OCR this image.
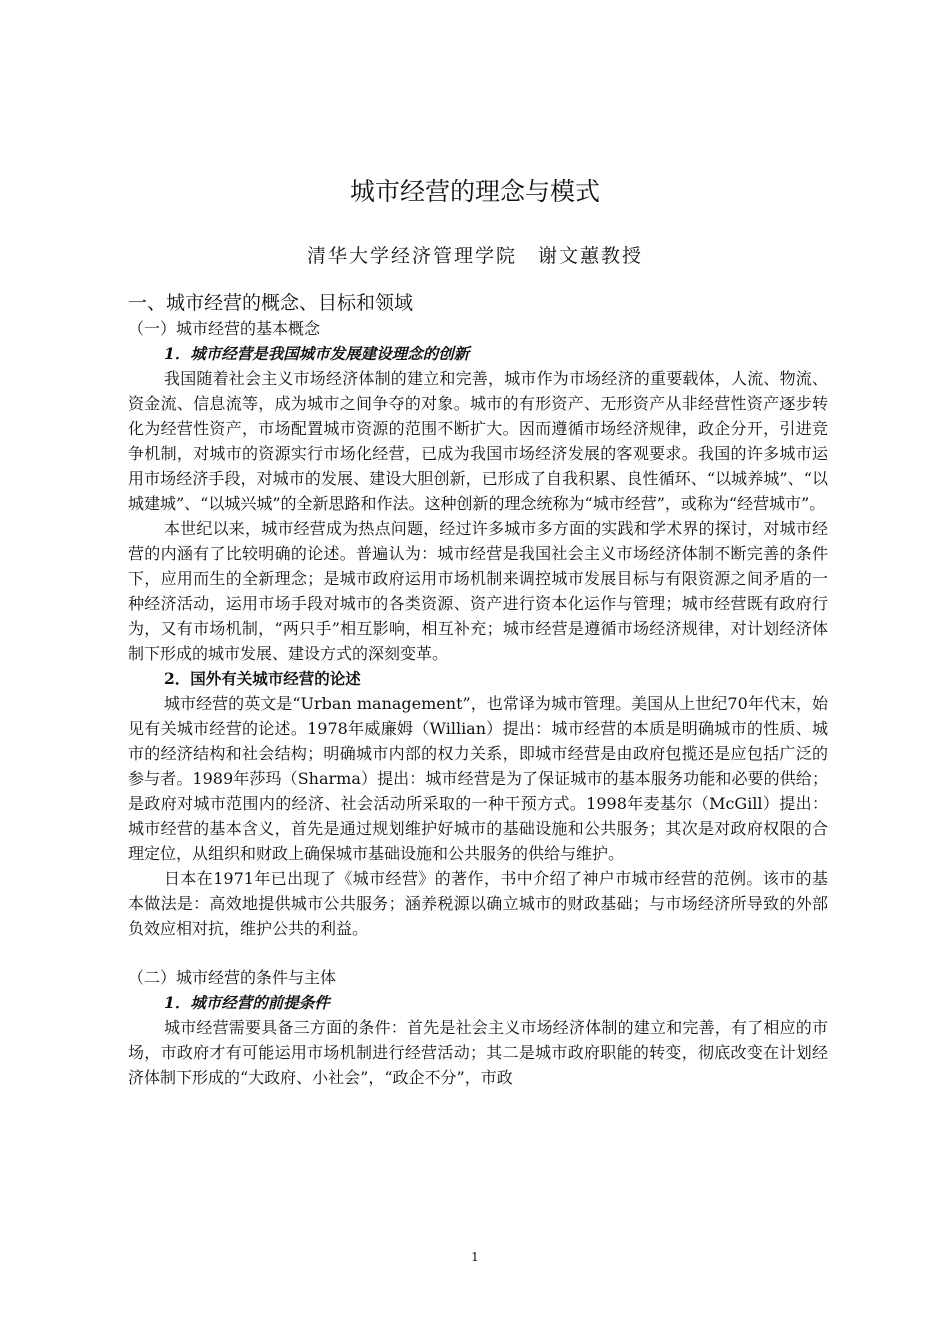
城市经营的理念与模式

清华大学经济管理学院　谢文蕙教授

一、城市经营的概念、目标和领域
（一）城市经营的基本概念
1．城市经营是我国城市发展建设理念的创新

我国随着社会主义市场经济体制的建立和完善，城市作为市场经济的重要载体，人流、物流、资金流、信息流等，成为城市之间争夺的对象。城市的有形资产、无形资产从非经营性资产逐步转化为经营性资产，市场配置城市资源的范围不断扩大。因而遵循市场经济规律，政企分开，引进竞争机制，对城市的资源实行市场化经营，已成为我国市场经济发展的客观要求。我国的许多城市运用市场经济手段，对城市的发展、建设大胆创新，已形成了自我积累、良性循环、“以城养城”、“以城建城”、“以城兴城”的全新思路和作法。这种创新的理念统称为“城市经营”，或称为“经营城市”。

本世纪以来，城市经营成为热点问题，经过许多城市多方面的实践和学术界的探讨，对城市经营的内涵有了比较明确的论述。普遍认为：城市经营是我国社会主义市场经济体制不断完善的条件下，应用而生的全新理念；是城市政府运用市场机制来调控城市发展目标与有限资源之间矛盾的一种经济活动，运用市场手段对城市的各类资源、资产进行资本化运作与管理；城市经营既有政府行为，又有市场机制，“两只手”相互影响，相互补充；城市经营是遵循市场经济规律，对计划经济体制下形成的城市发展、建设方式的深刻变革。

2．国外有关城市经营的论述

城市经营的英文是“Urban management”，也常译为城市管理。美国从上世纪70年代末，始见有关城市经营的论述。1978年威廉姆（Willian）提出：城市经营的本质是明确城市的性质、城市的经济结构和社会结构；明确城市内部的权力关系，即城市经营是由政府包揽还是应包括广泛的参与者。1989年莎玛（Sharma）提出：城市经营是为了保证城市的基本服务功能和必要的供给；是政府对城市范围内的经济、社会活动所采取的一种干预方式。1998年麦基尔（McGill）提出：城市经营的基本含义，首先是通过规划维护好城市的基础设施和公共服务；其次是对政府权限的合理定位，从组织和财政上确保城市基础设施和公共服务的供给与维护。

日本在1971年已出现了《城市经营》的著作，书中介绍了神户市城市经营的范例。该市的基本做法是：高效地提供城市公共服务；涵养税源以确立城市的财政基础；与市场经济所导致的外部负效应相对抗，维护公共的利益。

（二）城市经营的条件与主体
1．城市经营的前提条件

城市经营需要具备三方面的条件：首先是社会主义市场经济体制的建立和完善，有了相应的市场，市政府才有可能运用市场机制进行经营活动；其二是城市政府职能的转变，彻底改变在计划经济体制下形成的“大政府、小社会”，“政企不分”，市政

1
